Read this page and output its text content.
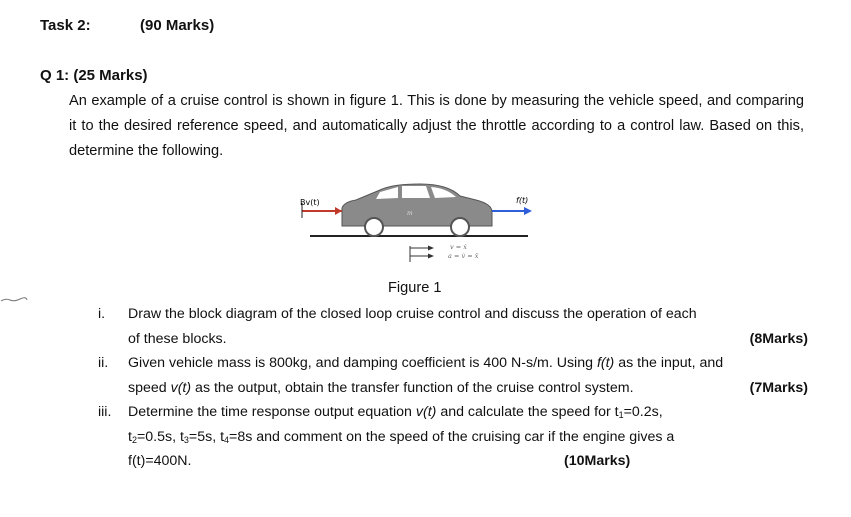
Task 2:	(90 Marks)
Q 1: (25 Marks)
An example of a cruise control is shown in figure 1. This is done by measuring the vehicle speed, and comparing it to the desired reference speed, and automatically adjust the throttle according to a control law. Based on this, determine the following.
m
Bv(t)	f(t)
v = ẋ
a = v̇ = ẍ
Figure 1
i.	Draw the block diagram of the closed loop cruise control and discuss the operation of each
of these blocks.	(8Marks)
ii.	Given vehicle mass is 800kg, and damping coefficient is 400 N-s/m. Using f(t) as the input, and
speed v(t) as the output, obtain the transfer function of the cruise control system.	(7Marks)
iii.	Determine the time response output equation v(t) and calculate the speed for $t_1=0.2s$,
$t_2=0.5s$, $t_3=5s$, $t_4=8s$ and comment on the speed of the cruising car if the engine gives a
f(t)=400N.	(10Marks)
